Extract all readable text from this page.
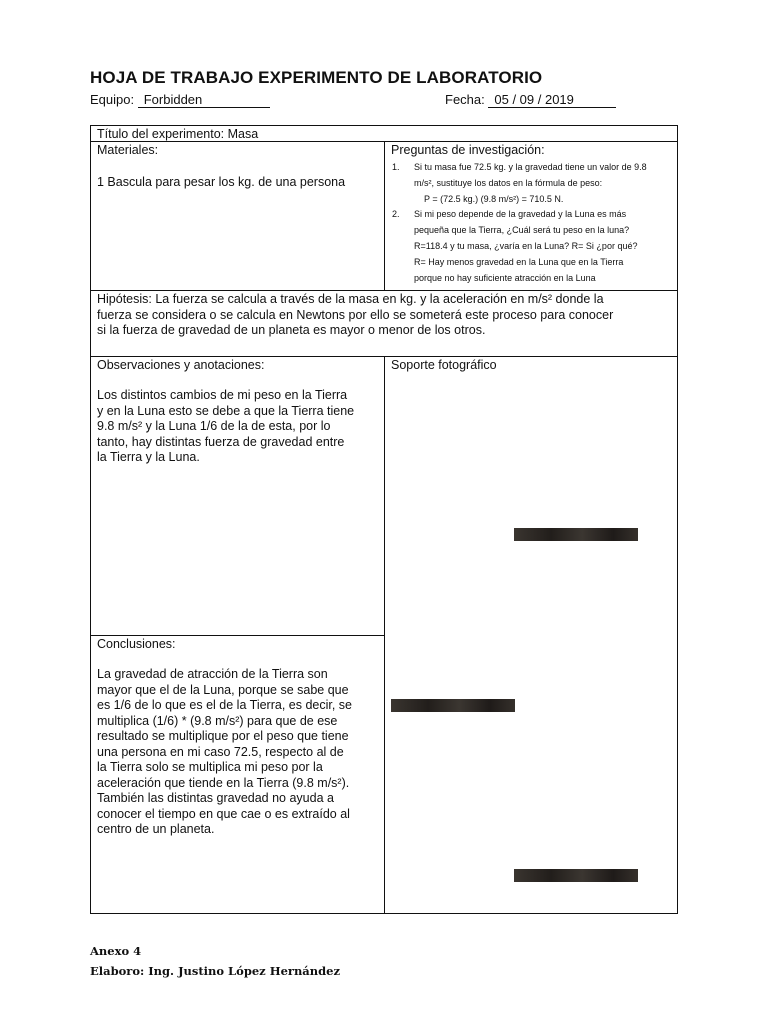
HOJA DE TRABAJO EXPERIMENTO DE LABORATORIO
Equipo: Forbidden	Fecha: 05 / 09 / 2019
Título del experimento: Masa
Materiales:
1 Bascula para pesar los kg. de una persona
Preguntas de investigación:
1. Si tu masa fue 72.5 kg. y la gravedad tiene un valor de 9.8
m/s², sustituye los datos en la fórmula de peso:
P = (72.5 kg.) (9.8 m/s²) = 710.5 N.
2. Si mi peso depende de la gravedad y la Luna es más
pequeña que la Tierra, ¿Cuál será tu peso en la luna?
R=118.4 y tu masa, ¿varía en la Luna? R= Si ¿por qué?
R= Hay menos gravedad en la Luna que en la Tierra
porque no hay suficiente atracción en la Luna
Hipótesis: La fuerza se calcula a través de la masa en kg. y la aceleración en m/s² donde la
fuerza se considera o se calcula en Newtons por ello se someterá este proceso para conocer
si la fuerza de gravedad de un planeta es mayor o menor de los otros.
Observaciones y anotaciones:
Los distintos cambios de mi peso en la Tierra
y en la Luna esto se debe a que la Tierra tiene
9.8 m/s² y la Luna 1/6 de la de esta, por lo
tanto, hay distintas fuerza de gravedad entre
la Tierra y la Luna.
Soporte fotográfico
Conclusiones:
La gravedad de atracción de la Tierra son
mayor que el de la Luna, porque se sabe que
es 1/6 de lo que es el de la Tierra, es decir, se
multiplica (1/6) * (9.8 m/s²) para que de ese
resultado se multiplique por el peso que tiene
una persona en mi caso 72.5, respecto al de
la Tierra solo se multiplica mi peso por la
aceleración que tiende en la Tierra (9.8 m/s²).
También las distintas gravedad no ayuda a
conocer el tiempo en que cae o es extraído al
centro de un planeta.
Anexo 4
Elaboro: Ing. Justino López Hernández
